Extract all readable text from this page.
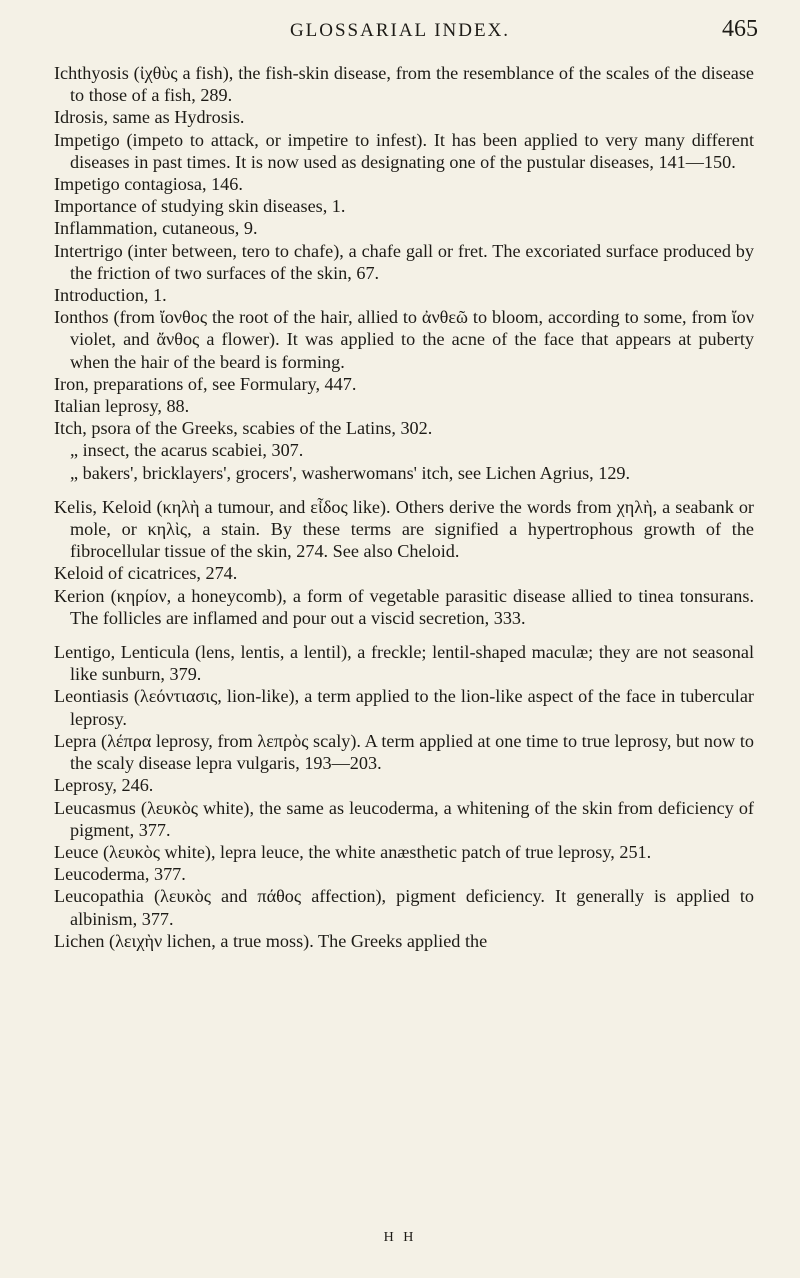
GLOSSARIAL INDEX.	465

Ichthyosis (ἰχθὺς a fish), the fish-skin disease, from the resemblance of the scales of the disease to those of a fish, 289.

Idrosis, same as Hydrosis.

Impetigo (impeto to attack, or impetire to infest). It has been applied to very many different diseases in past times. It is now used as designating one of the pustular diseases, 141—150.

Impetigo contagiosa, 146.

Importance of studying skin diseases, 1.

Inflammation, cutaneous, 9.

Intertrigo (inter between, tero to chafe), a chafe gall or fret. The excoriated surface produced by the friction of two surfaces of the skin, 67.

Introduction, 1.

Ionthos (from ἴονθος the root of the hair, allied to ἀνθεῶ to bloom, according to some, from ἴον violet, and ἄνθος a flower). It was applied to the acne of the face that appears at puberty when the hair of the beard is forming.

Iron, preparations of, see Formulary, 447.

Italian leprosy, 88.

Itch, psora of the Greeks, scabies of the Latins, 302.

„ insect, the acarus scabiei, 307.

„ bakers', bricklayers', grocers', washerwomans' itch, see Lichen Agrius, 129.

Kelis, Keloid (κηλὴ a tumour, and εἶδος like). Others derive the words from χηλὴ, a seabank or mole, or κηλὶς, a stain. By these terms are signified a hypertrophous growth of the fibrocellular tissue of the skin, 274. See also Cheloid.

Keloid of cicatrices, 274.

Kerion (κηρίον, a honeycomb), a form of vegetable parasitic disease allied to tinea tonsurans. The follicles are inflamed and pour out a viscid secretion, 333.

Lentigo, Lenticula (lens, lentis, a lentil), a freckle; lentil-shaped maculæ; they are not seasonal like sunburn, 379.

Leontiasis (λεόντιασις, lion-like), a term applied to the lion-like aspect of the face in tubercular leprosy.

Lepra (λέπρα leprosy, from λεπρὸς scaly). A term applied at one time to true leprosy, but now to the scaly disease lepra vulgaris, 193—203.

Leprosy, 246.

Leucasmus (λευκὸς white), the same as leucoderma, a whitening of the skin from deficiency of pigment, 377.

Leuce (λευκὸς white), lepra leuce, the white anæsthetic patch of true leprosy, 251.

Leucoderma, 377.

Leucopathia (λευκὸς and πάθος affection), pigment deficiency. It generally is applied to albinism, 377.

Lichen (λειχὴν lichen, a true moss). The Greeks applied the

H H
